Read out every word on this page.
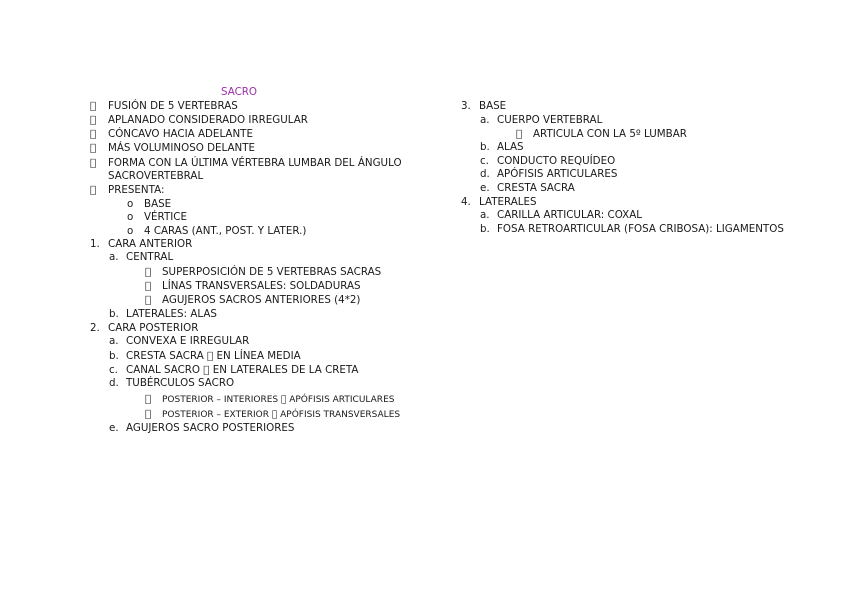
SACRO
FUSIÓN DE 5 VERTEBRAS
APLANADO CONSIDERADO IRREGULAR
CÓNCAVO HACIA ADELANTE
MÁS VOLUMINOSO DELANTE
FORMA CON LA ÚLTIMA VÉRTEBRA LUMBAR DEL ÁNGULO
SACROVERTEBRAL
PRESENTA:
o BASE
o VÉRTICE
o 4 CARAS (ANT., POST. Y LATER.)
1. CARA ANTERIOR
a. CENTRAL
SUPERPOSICIÓN DE 5 VERTEBRAS SACRAS
LÍNAS TRANSVERSALES: SOLDADURAS
AGUJEROS SACROS ANTERIORES (4*2)
b. LATERALES: ALAS
2. CARA POSTERIOR
a. CONVEXA E IRREGULAR
b. CRESTA SACRA EN LÍNEA MEDIA
c. CANAL SACRO EN LATERALES DE LA CRETA
d. TUBÉRCULOS SACRO
POSTERIOR – INTERIORES APÓFISIS ARTICULARES
POSTERIOR – EXTERIOR APÓFISIS TRANSVERSALES
e. AGUJEROS SACRO POSTERIORES
3. BASE
a. CUERPO VERTEBRAL
ARTICULA CON LA 5º LUMBAR
b. ALAS
c. CONDUCTO REQUÍDEO
d. APÓFISIS ARTICULARES
e. CRESTA SACRA
4. LATERALES
a. CARILLA ARTICULAR: COXAL
b. FOSA RETROARTICULAR (FOSA CRIBOSA): LIGAMENTOS
